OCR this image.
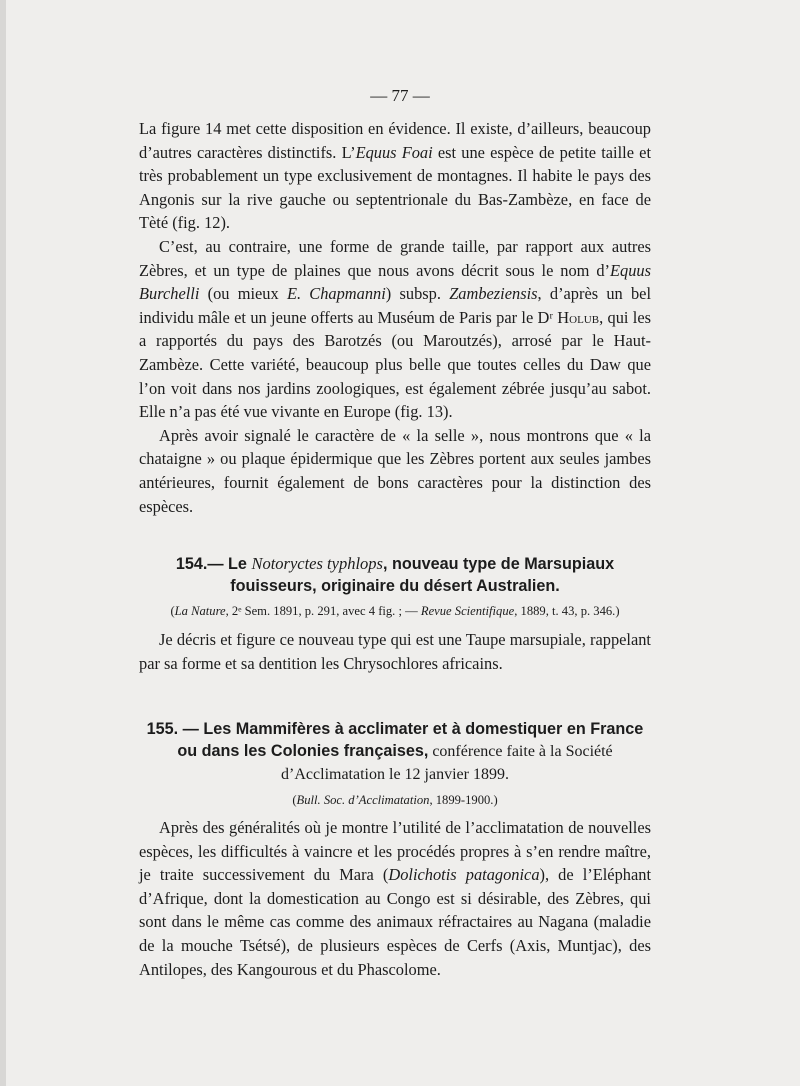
— 77 —

La figure 14 met cette disposition en évidence. Il existe, d’ailleurs, beaucoup d’autres caractères distinctifs. L’Equus Foai est une espèce de petite taille et très probablement un type exclusivement de montagnes. Il habite le pays des Angonis sur la rive gauche ou septentrionale du Bas-Zambèze, en face de Tèté (fig. 12).

C’est, au contraire, une forme de grande taille, par rapport aux autres Zèbres, et un type de plaines que nous avons décrit sous le nom d’Equus Burchelli (ou mieux E. Chapmanni) subsp. Zambeziensis, d’après un bel individu mâle et un jeune offerts au Muséum de Paris par le Dʳ Holub, qui les a rapportés du pays des Barotzés (ou Maroutzés), arrosé par le Haut-Zambèze. Cette variété, beaucoup plus belle que toutes celles du Daw que l’on voit dans nos jardins zoologiques, est également zébrée jusqu’au sabot. Elle n’a pas été vue vivante en Europe (fig. 13).

Après avoir signalé le caractère de « la selle », nous montrons que « la chataigne » ou plaque épidermique que les Zèbres portent aux seules jambes antérieures, fournit également de bons caractères pour la distinction des espèces.

154.— Le Notoryctes typhlops, nouveau type de Marsupiaux fouisseurs, originaire du désert Australien.
(La Nature, 2ᵉ Sem. 1891, p. 291, avec 4 fig. ; — Revue Scientifique, 1889, t. 43, p. 346.)

Je décris et figure ce nouveau type qui est une Taupe marsupiale, rappelant par sa forme et sa dentition les Chrysochlores africains.

155. — Les Mammifères à acclimater et à domestiquer en France ou dans les Colonies françaises, conférence faite à la Société d’Acclimatation le 12 janvier 1899.
(Bull. Soc. d’Acclimatation, 1899-1900.)

Après des généralités où je montre l’utilité de l’acclimatation de nouvelles espèces, les difficultés à vaincre et les procédés propres à s’en rendre maître, je traite successivement du Mara (Dolichotis patagonica), de l’Eléphant d’Afrique, dont la domestication au Congo est si désirable, des Zèbres, qui sont dans le même cas comme des animaux réfractaires au Nagana (maladie de la mouche Tsétsé), de plusieurs espèces de Cerfs (Axis, Muntjac), des Antilopes, des Kangourous et du Phascolome.
